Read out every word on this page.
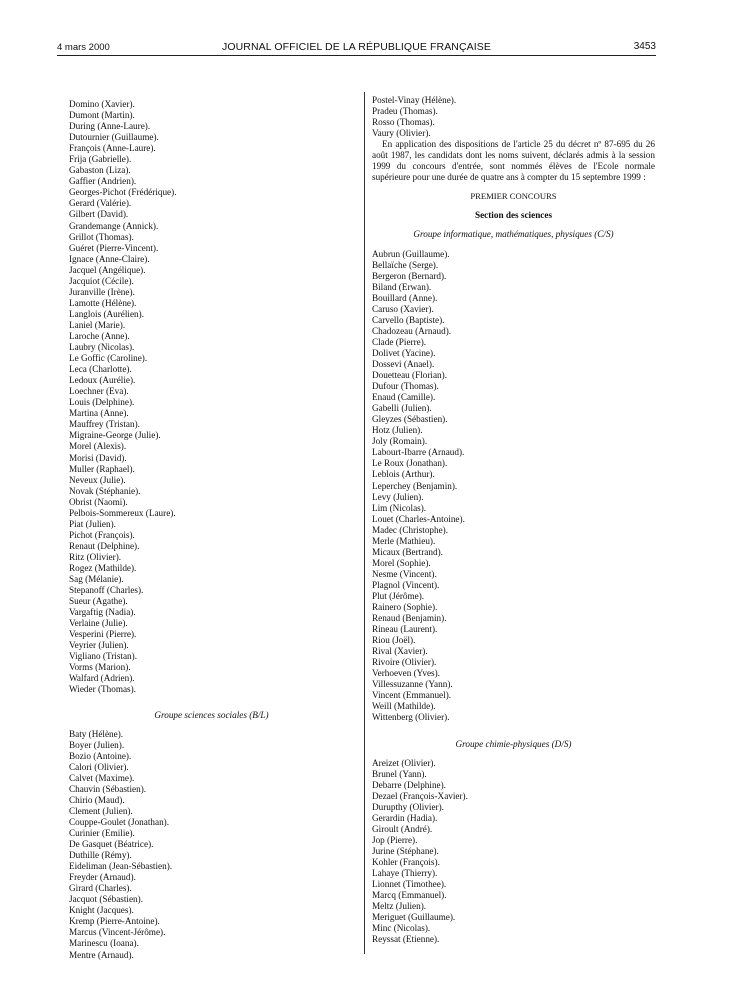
4 mars 2000	JOURNAL OFFICIEL DE LA RÉPUBLIQUE FRANÇAISE	3453
Domino (Xavier).
Dumont (Martin).
During (Anne-Laure).
Dutournier (Guillaume).
François (Anne-Laure).
Frija (Gabrielle).
Gabaston (Liza).
Gaffier (Andrien).
Georges-Pichot (Frédérique).
Gerard (Valérie).
Gilbert (David).
Grandemange (Annick).
Grillot (Thomas).
Guéret (Pierre-Vincent).
Ignace (Anne-Claire).
Jacquel (Angélique).
Jacquiot (Cécile).
Juranville (Irène).
Lamotte (Hélène).
Langlois (Aurélien).
Laniel (Marie).
Laroche (Anne).
Laubry (Nicolas).
Le Goffic (Caroline).
Leca (Charlotte).
Ledoux (Aurélie).
Loechner (Eva).
Louis (Delphine).
Martina (Anne).
Mauffrey (Tristan).
Migraine-George (Julie).
Morel (Alexis).
Morisi (David).
Muller (Raphael).
Neveux (Julie).
Novak (Stéphanie).
Obrist (Naomi).
Pelbois-Sommereux (Laure).
Piat (Julien).
Pichot (François).
Renaut (Delphine).
Ritz (Olivier).
Rogez (Mathilde).
Sag (Mélanie).
Stepanoff (Charles).
Sueur (Agathe).
Vargaftig (Nadia).
Verlaine (Julie).
Vesperini (Pierre).
Veyrier (Julien).
Vigliano (Tristan).
Vorms (Marion).
Walfard (Adrien).
Wieder (Thomas).
Groupe sciences sociales (B/L)
Baty (Hélène).
Boyer (Julien).
Bozio (Antoine).
Calori (Olivier).
Calvet (Maxime).
Chauvin (Sébastien).
Chirio (Maud).
Clement (Julien).
Couppe-Goulet (Jonathan).
Curinier (Emilie).
De Gasquet (Béatrice).
Duthille (Rémy).
Eideliman (Jean-Sébastien).
Freyder (Arnaud).
Girard (Charles).
Jacquot (Sébastien).
Knight (Jacques).
Kremp (Pierre-Antoine).
Marcus (Vincent-Jérôme).
Marinescu (Ioana).
Mentre (Arnaud).
Postel-Vinay (Hélène).
Pradeu (Thomas).
Rosso (Thomas).
Vaury (Olivier).
En application des dispositions de l'article 25 du décret nº 87-695 du 26 août 1987, les candidats dont les noms suivent, déclarés admis à la session 1999 du concours d'entrée, sont nommés élèves de l'Ecole normale supérieure pour une durée de quatre ans à compter du 15 septembre 1999 :
PREMIER CONCOURS
Section des sciences
Groupe informatique, mathématiques, physiques (C/S)
Aubrun (Guillaume).
Bellaïche (Serge).
Bergeron (Bernard).
Biland (Erwan).
Bouillard (Anne).
Caruso (Xavier).
Carvello (Baptiste).
Chadozeau (Arnaud).
Clade (Pierre).
Dolivet (Yacine).
Dossevi (Anael).
Douetteau (Florian).
Dufour (Thomas).
Enaud (Camille).
Gabelli (Julien).
Gleyzes (Sébastien).
Hotz (Julien).
Joly (Romain).
Labourt-Ibarre (Arnaud).
Le Roux (Jonathan).
Leblois (Arthur).
Leperchey (Benjamin).
Levy (Julien).
Lim (Nicolas).
Louet (Charles-Antoine).
Madec (Christophe).
Merle (Mathieu).
Micaux (Bertrand).
Morel (Sophie).
Nesme (Vincent).
Plagnol (Vincent).
Plut (Jérôme).
Rainero (Sophie).
Renaud (Benjamin).
Rineau (Laurent).
Riou (Joël).
Rival (Xavier).
Rivoire (Olivier).
Verhoeven (Yves).
Villessuzanne (Yann).
Vincent (Emmanuel).
Weill (Mathilde).
Wittenberg (Olivier).
Groupe chimie-physiques (D/S)
Areizet (Olivier).
Brunel (Yann).
Debarre (Delphine).
Dezael (François-Xavier).
Durupthy (Olivier).
Gerardin (Hadia).
Giroult (André).
Jop (Pierre).
Jurine (Stéphane).
Kohler (François).
Lahaye (Thierry).
Lionnet (Timothee).
Marcq (Emmanuel).
Meltz (Julien).
Meriguet (Guillaume).
Minc (Nicolas).
Reyssat (Etienne).
